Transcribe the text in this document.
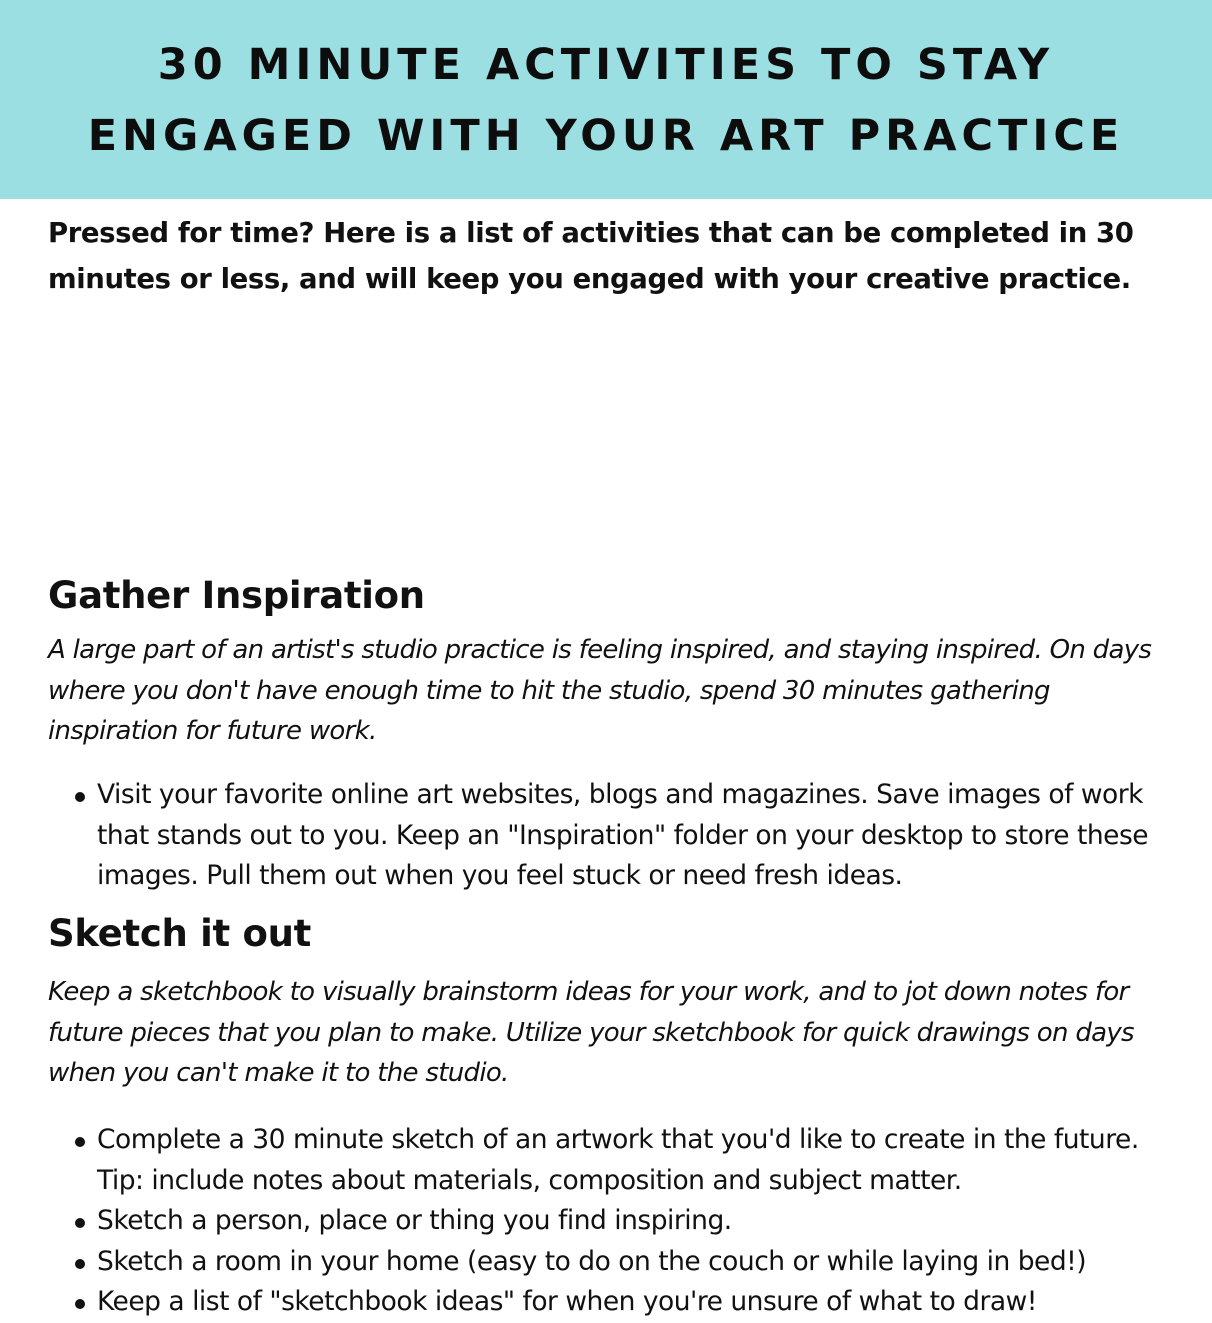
30 MINUTE ACTIVITIES TO STAY
ENGAGED WITH YOUR ART PRACTICE

Pressed for time? Here is a list of activities that can be completed in 30 minutes or less, and will keep you engaged with your creative practice.

Gather Inspiration

A large part of an artist's studio practice is feeling inspired, and staying inspired. On days where you don't have enough time to hit the studio, spend 30 minutes gathering inspiration for future work.

Visit your favorite online art websites, blogs and magazines. Save images of work that stands out to you. Keep an "Inspiration" folder on your desktop to store these images. Pull them out when you feel stuck or need fresh ideas.
Sketch it out

Keep a sketchbook to visually brainstorm ideas for your work, and to jot down notes for future pieces that you plan to make. Utilize your sketchbook for quick drawings on days when you can't make it to the studio.

Complete a 30 minute sketch of an artwork that you'd like to create in the future. Tip: include notes about materials, composition and subject matter.
Sketch a person, place or thing you find inspiring.
Sketch a room in your home (easy to do on the couch or while laying in bed!)
Keep a list of "sketchbook ideas" for when you're unsure of what to draw!
